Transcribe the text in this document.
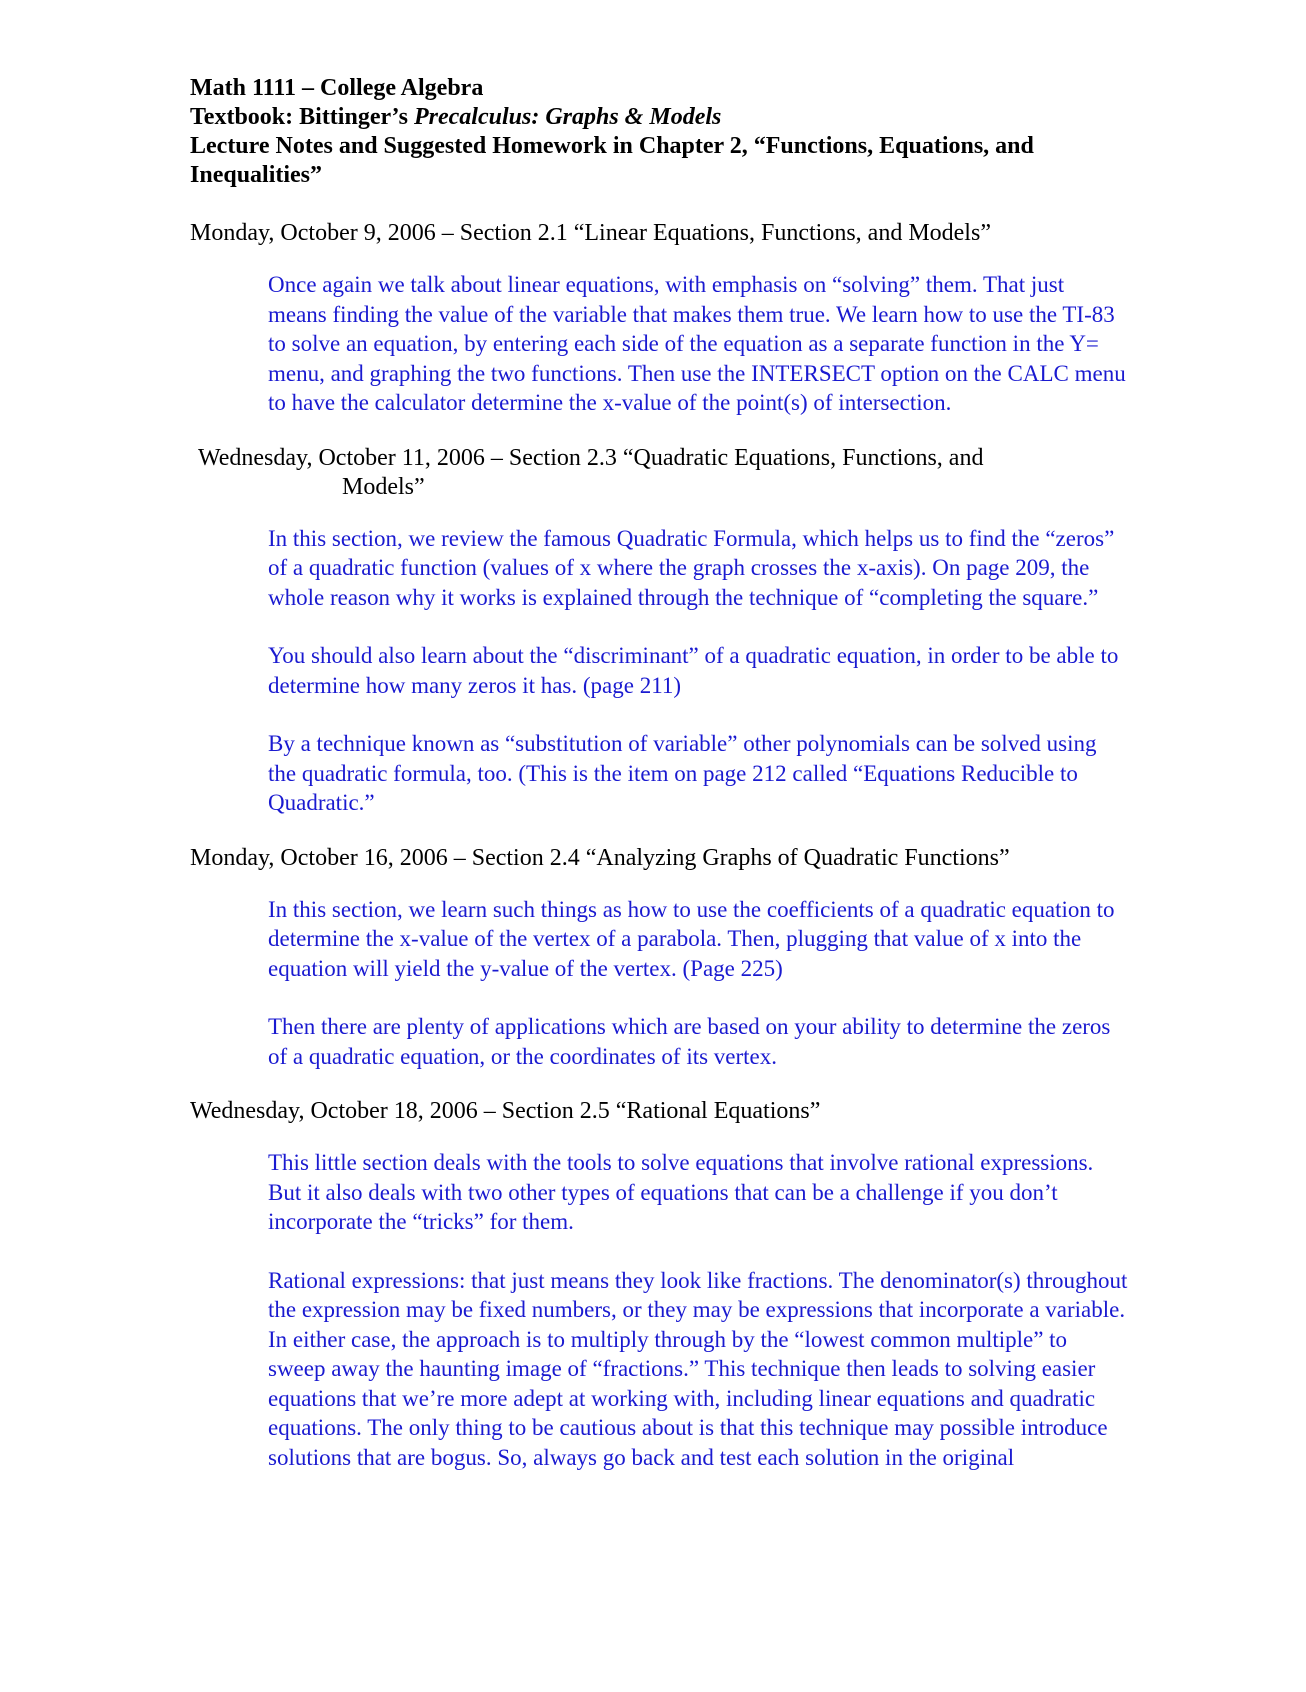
Math 1111 – College Algebra

Textbook: Bittinger’s Precalculus: Graphs & Models

Lecture Notes and Suggested Homework in Chapter 2, “Functions, Equations, and Inequalities”

Monday, October 9, 2006 – Section 2.1 “Linear Equations, Functions, and Models”

Once again we talk about linear equations, with emphasis on “solving” them. That just means finding the value of the variable that makes them true. We learn how to use the TI-83 to solve an equation, by entering each side of the equation as a separate function in the Y= menu, and graphing the two functions. Then use the INTERSECT option on the CALC menu to have the calculator determine the x-value of the point(s) of intersection.

Wednesday, October 11, 2006 – Section 2.3 “Quadratic Equations, Functions, and

Models”

In this section, we review the famous Quadratic Formula, which helps us to find the “zeros” of a quadratic function (values of x where the graph crosses the x-axis). On page 209, the whole reason why it works is explained through the technique of “completing the square.”

You should also learn about the “discriminant” of a quadratic equation, in order to be able to determine how many zeros it has. (page 211)

By a technique known as “substitution of variable” other polynomials can be solved using the quadratic formula, too. (This is the item on page 212 called “Equations Reducible to Quadratic.”

Monday, October 16, 2006 – Section 2.4 “Analyzing Graphs of Quadratic Functions”

In this section, we learn such things as how to use the coefficients of a quadratic equation to determine the x-value of the vertex of a parabola. Then, plugging that value of x into the equation will yield the y-value of the vertex. (Page 225)

Then there are plenty of applications which are based on your ability to determine the zeros of a quadratic equation, or the coordinates of its vertex.

Wednesday, October 18, 2006 – Section 2.5 “Rational Equations”

This little section deals with the tools to solve equations that involve rational expressions. But it also deals with two other types of equations that can be a challenge if you don’t incorporate the “tricks” for them.

Rational expressions: that just means they look like fractions. The denominator(s) throughout the expression may be fixed numbers, or they may be expressions that incorporate a variable. In either case, the approach is to multiply through by the “lowest common multiple” to sweep away the haunting image of “fractions.” This technique then leads to solving easier equations that we’re more adept at working with, including linear equations and quadratic equations. The only thing to be cautious about is that this technique may possible introduce solutions that are bogus. So, always go back and test each solution in the original
